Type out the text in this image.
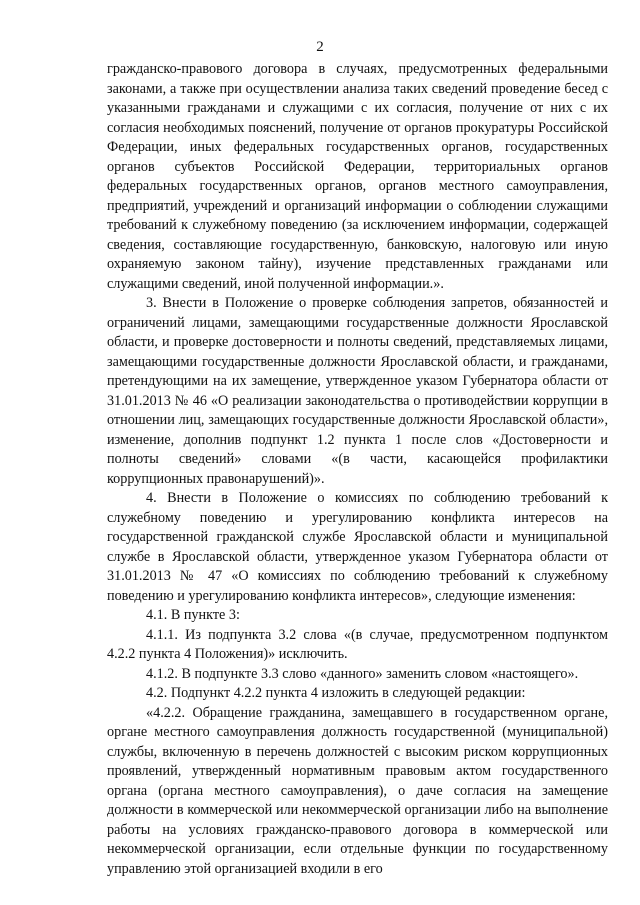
2

гражданско-правового договора в случаях, предусмотренных федеральными законами, а также при осуществлении анализа таких сведений проведение бесед с указанными гражданами и служащими с их согласия, получение от них с их согласия необходимых пояснений, получение от органов прокуратуры Российской Федерации, иных федеральных государственных органов, государственных органов субъектов Российской Федерации, территориальных органов федеральных государственных органов, органов местного самоуправления, предприятий, учреждений и организаций информации о соблюдении служащими требований к служебному поведению (за исключением информации, содержащей сведения, составляющие государственную, банковскую, налоговую или иную охраняемую законом тайну), изучение представленных гражданами или служащими сведений, иной полученной информации.».

3. Внести в Положение о проверке соблюдения запретов, обязанностей и ограничений лицами, замещающими государственные должности Ярославской области, и проверке достоверности и полноты сведений, представляемых лицами, замещающими государственные должности Ярославской области, и гражданами, претендующими на их замещение, утвержденное указом Губернатора области от 31.01.2013 № 46 «О реализации законодательства о противодействии коррупции в отношении лиц, замещающих государственные должности Ярославской области», изменение, дополнив подпункт 1.2 пункта 1 после слов «Достоверности и полноты сведений» словами «(в части, касающейся профилактики коррупционных правонарушений)».

4. Внести в Положение о комиссиях по соблюдению требований к служебному поведению и урегулированию конфликта интересов на государственной гражданской службе Ярославской области и муниципальной службе в Ярославской области, утвержденное указом Губернатора области от 31.01.2013 № 47 «О комиссиях по соблюдению требований к служебному поведению и урегулированию конфликта интересов», следующие изменения:

4.1. В пункте 3:

4.1.1. Из подпункта 3.2 слова «(в случае, предусмотренном подпунктом 4.2.2 пункта 4 Положения)» исключить.

4.1.2. В подпункте 3.3 слово «данного» заменить словом «настоящего».

4.2. Подпункт 4.2.2 пункта 4 изложить в следующей редакции:

«4.2.2. Обращение гражданина, замещавшего в государственном органе, органе местного самоуправления должность государственной (муниципальной) службы, включенную в перечень должностей с высоким риском коррупционных проявлений, утвержденный нормативным правовым актом государственного органа (органа местного самоуправления), о даче согласия на замещение должности в коммерческой или некоммерческой организации либо на выполнение работы на условиях гражданско-правового договора в коммерческой или некоммерческой организации, если отдельные функции по государственному управлению этой организацией входили в его
